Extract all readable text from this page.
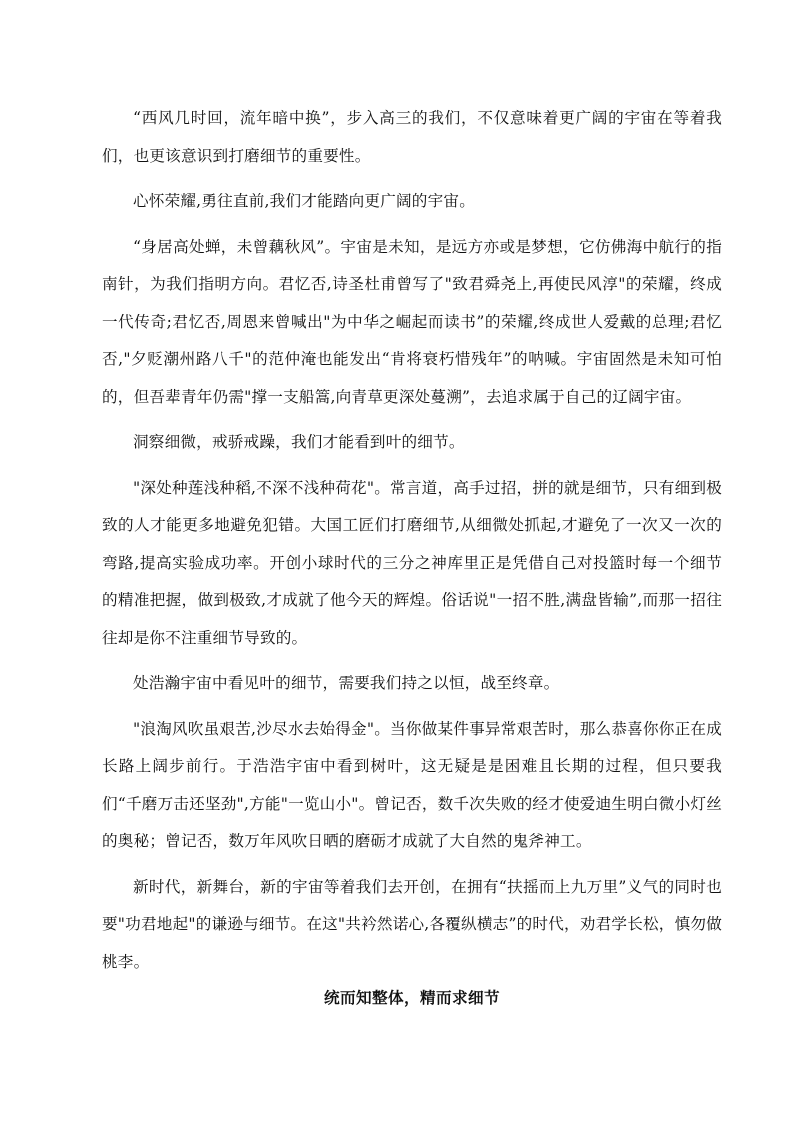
“西风几时回，流年暗中换”，步入高三的我们，不仅意味着更广阔的宇宙在等着我们，也更该意识到打磨细节的重要性。

心怀荣耀,勇往直前,我们才能踏向更广阔的宇宙。

“身居高处蝉，未曾藕秋风”。宇宙是未知，是远方亦或是梦想，它仿佛海中航行的指南针，为我们指明方向。君忆否,诗圣杜甫曾写了"致君舜尧上,再使民风淳"的荣耀，终成一代传奇;君忆否,周恩来曾喊出"为中华之崛起而读书”的荣耀,终成世人爱戴的总理;君忆否,"夕贬潮州路八千"的范仲淹也能发出“肯将衰朽惜残年”的呐喊。宇宙固然是未知可怕的，但吾辈青年仍需"撑一支船篙,向青草更深处蔓溯”，去追求属于自己的辽阔宇宙。

洞察细微，戒骄戒躁，我们才能看到叶的细节。

"深处种莲浅种稻,不深不浅种荷花"。常言道，高手过招，拼的就是细节，只有细到极致的人才能更多地避免犯错。大国工匠们打磨细节,从细微处抓起,才避免了一次又一次的弯路,提高实验成功率。开创小球时代的三分之神库里正是凭借自己对投篮时每一个细节的精准把握，做到极致,才成就了他今天的辉煌。俗话说"一招不胜,满盘皆输”,而那一招往往却是你不注重细节导致的。

处浩瀚宇宙中看见叶的细节，需要我们持之以恒，战至终章。

"浪淘风吹虽艰苦,沙尽水去始得金"。当你做某件事异常艰苦时，那么恭喜你你正在成长路上阔步前行。于浩浩宇宙中看到树叶，这无疑是是困难且长期的过程，但只要我们“千磨万击还坚劲",方能"一览山小"。曾记否，数千次失败的经才使爱迪生明白微小灯丝的奥秘；曾记否，数万年风吹日晒的磨砺才成就了大自然的鬼斧神工。

新时代，新舞台，新的宇宙等着我们去开创，在拥有“扶摇而上九万里”义气的同时也要"功君地起"的谦逊与细节。在这"共衿然诺心,各覆纵横志”的时代，劝君学长松，慎勿做桃李。

统而知整体，精而求细节
